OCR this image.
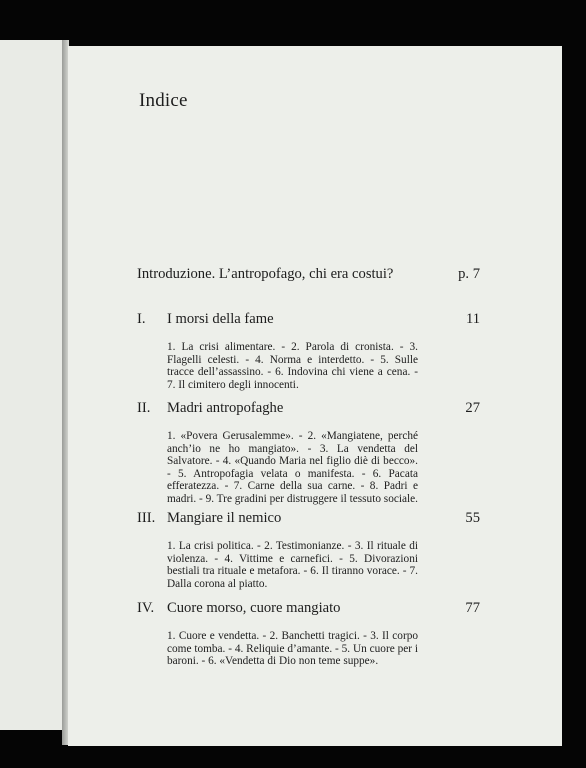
Indice
Introduzione. L’antropofago, chi era costui?	p. 7
I.	I morsi della fame	11
1. La crisi alimentare. - 2. Parola di cronista. - 3. Flagelli celesti. - 4. Norma e interdetto. - 5. Sulle tracce dell’assassino. - 6. Indovina chi viene a cena. - 7. Il cimitero degli innocenti.
II.	Madri antropofaghe	27
1. «Povera Gerusalemme». - 2. «Mangiatene, perché anch’io ne ho mangiato». - 3. La vendetta del Salvatore. - 4. «Quando Maria nel figlio diè di becco». - 5. Antropofagia velata o manifesta. - 6. Pacata efferatezza. - 7. Carne della sua carne. - 8. Padri e madri. - 9. Tre gradini per distruggere il tessuto sociale.
III. Mangiare il nemico	55
1. La crisi politica. - 2. Testimonianze. - 3. Il rituale di violenza. - 4. Vittime e carnefici. - 5. Divorazioni bestiali tra rituale e metafora. - 6. Il tiranno vorace. - 7. Dalla corona al piatto.
IV. Cuore morso, cuore mangiato	77
1. Cuore e vendetta. - 2. Banchetti tragici. - 3. Il corpo come tomba. - 4. Reliquie d’amante. - 5. Un cuore per i baroni. - 6. «Vendetta di Dio non teme suppe».
